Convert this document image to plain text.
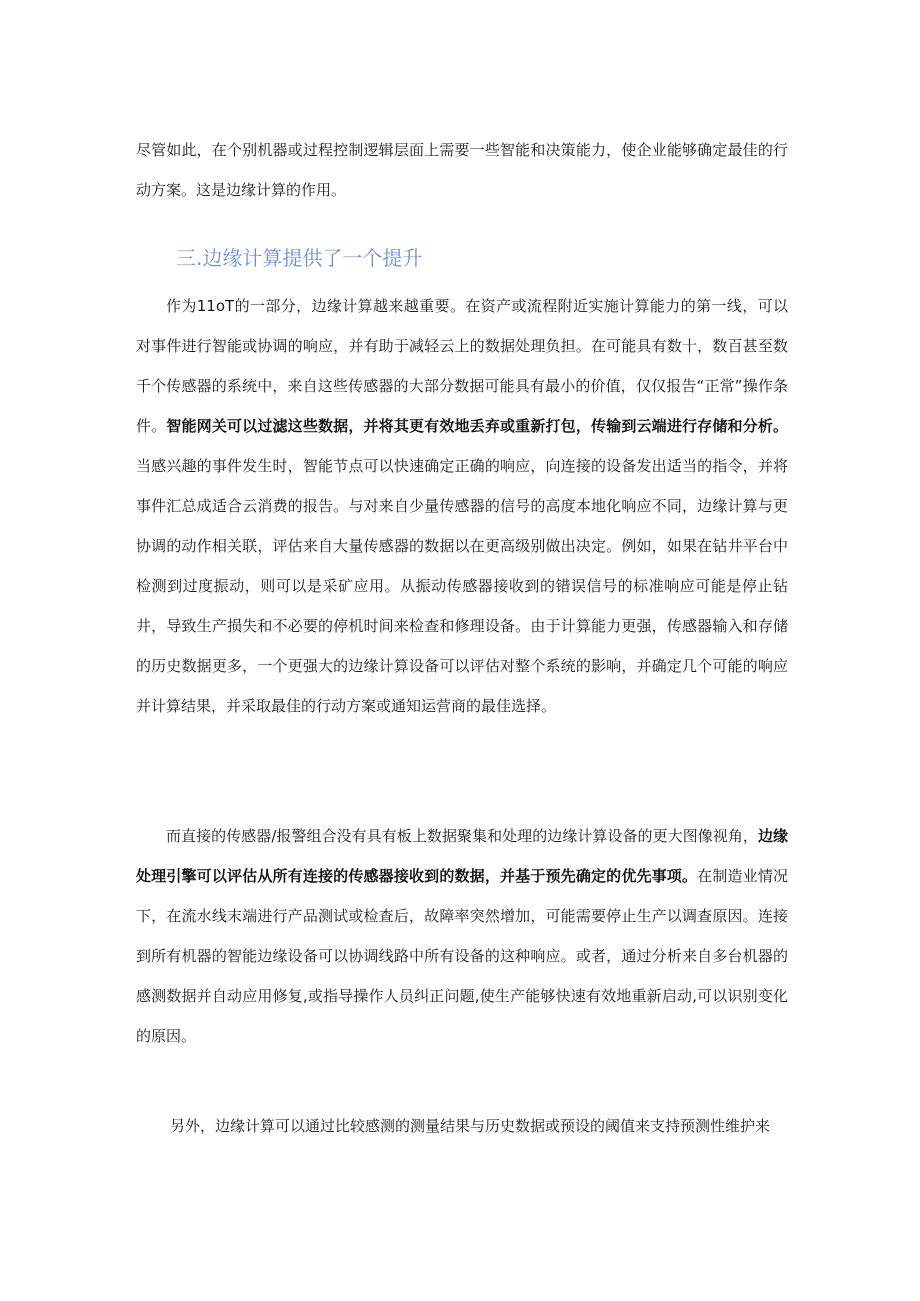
尽管如此，在个别机器或过程控制逻辑层面上需要一些智能和决策能力，使企业能够确定最佳的行动方案。这是边缘计算的作用。

三.边缘计算提供了一个提升

作为11oT的一部分，边缘计算越来越重要。在资产或流程附近实施计算能力的第一线，可以对事件进行智能或协调的响应，并有助于减轻云上的数据处理负担。在可能具有数十，数百甚至数千个传感器的系统中，来自这些传感器的大部分数据可能具有最小的价值，仅仅报告“正常”操作条件。智能网关可以过滤这些数据，并将其更有效地丢弃或重新打包，传输到云端进行存储和分析。当感兴趣的事件发生时，智能节点可以快速确定正确的响应，向连接的设备发出适当的指令，并将事件汇总成适合云消费的报告。与对来自少量传感器的信号的高度本地化响应不同，边缘计算与更协调的动作相关联，评估来自大量传感器的数据以在更高级别做出决定。例如，如果在钻井平台中检测到过度振动，则可以是采矿应用。从振动传感器接收到的错误信号的标准响应可能是停止钻井，导致生产损失和不必要的停机时间来检查和修理设备。由于计算能力更强，传感器输入和存储的历史数据更多，一个更强大的边缘计算设备可以评估对整个系统的影响，并确定几个可能的响应并计算结果，并采取最佳的行动方案或通知运营商的最佳选择。

而直接的传感器/报警组合没有具有板上数据聚集和处理的边缘计算设备的更大图像视角，边缘处理引擎可以评估从所有连接的传感器接收到的数据，并基于预先确定的优先事项。在制造业情况下，在流水线末端进行产品测试或检查后，故障率突然增加，可能需要停止生产以调查原因。连接到所有机器的智能边缘设备可以协调线路中所有设备的这种响应。或者，通过分析来自多台机器的感测数据并自动应用修复,或指导操作人员纠正问题,使生产能够快速有效地重新启动,可以识别变化的原因。

另外，边缘计算可以通过比较感测的测量结果与历史数据或预设的阈值来支持预测性维护来
